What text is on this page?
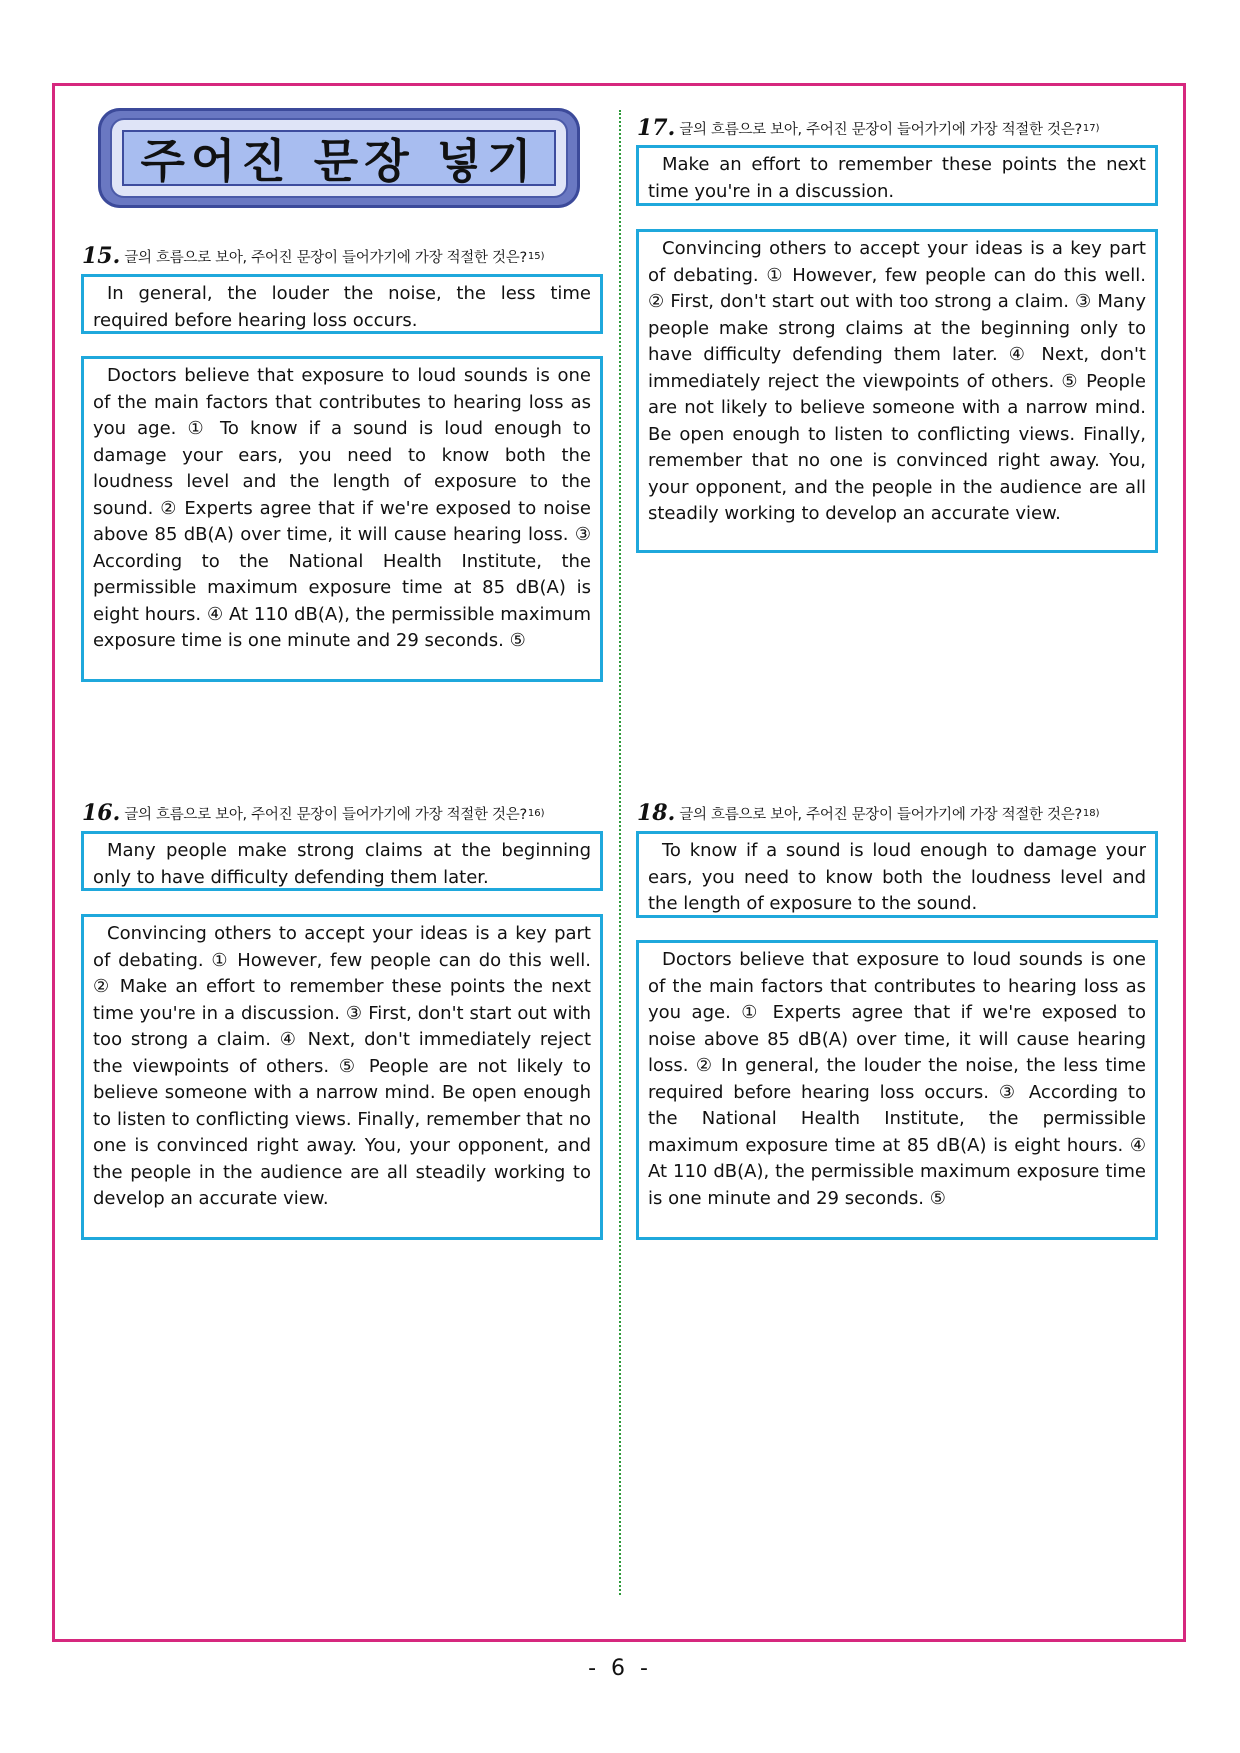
주어진 문장 넣기
15. 글의 흐름으로 보아, 주어진 문장이 들어가기에 가장 적절한 것은? 15)

In general, the louder the noise, the less time required before hearing loss occurs.

Doctors believe that exposure to loud sounds is one of the main factors that contributes to hearing loss as you age. ① To know if a sound is loud enough to damage your ears, you need to know both the loudness level and the length of exposure to the sound. ② Experts agree that if we're exposed to noise above 85 dB(A) over time, it will cause hearing loss. ③ According to the National Health Institute, the permissible maximum exposure time at 85 dB(A) is eight hours. ④ At 110 dB(A), the permissible maximum exposure time is one minute and 29 seconds. ⑤

16. 글의 흐름으로 보아, 주어진 문장이 들어가기에 가장 적절한 것은? 16)

Many people make strong claims at the beginning only to have difficulty defending them later.

Convincing others to accept your ideas is a key part of debating. ① However, few people can do this well. ② Make an effort to remember these points the next time you're in a discussion. ③ First, don't start out with too strong a claim. ④ Next, don't immediately reject the viewpoints of others. ⑤ People are not likely to believe someone with a narrow mind. Be open enough to listen to conflicting views. Finally, remember that no one is convinced right away. You, your opponent, and the people in the audience are all steadily working to develop an accurate view.

17. 글의 흐름으로 보아, 주어진 문장이 들어가기에 가장 적절한 것은? 17)

Make an effort to remember these points the next time you're in a discussion.

Convincing others to accept your ideas is a key part of debating. ① However, few people can do this well. ② First, don't start out with too strong a claim. ③ Many people make strong claims at the beginning only to have difficulty defending them later. ④ Next, don't immediately reject the viewpoints of others. ⑤ People are not likely to believe someone with a narrow mind. Be open enough to listen to conflicting views. Finally, remember that no one is convinced right away. You, your opponent, and the people in the audience are all steadily working to develop an accurate view.

18. 글의 흐름으로 보아, 주어진 문장이 들어가기에 가장 적절한 것은? 18)

To know if a sound is loud enough to damage your ears, you need to know both the loudness level and the length of exposure to the sound.

Doctors believe that exposure to loud sounds is one of the main factors that contributes to hearing loss as you age. ① Experts agree that if we're exposed to noise above 85 dB(A) over time, it will cause hearing loss. ② In general, the louder the noise, the less time required before hearing loss occurs. ③ According to the National Health Institute, the permissible maximum exposure time at 85 dB(A) is eight hours. ④ At 110 dB(A), the permissible maximum exposure time is one minute and 29 seconds. ⑤

- 6 -
